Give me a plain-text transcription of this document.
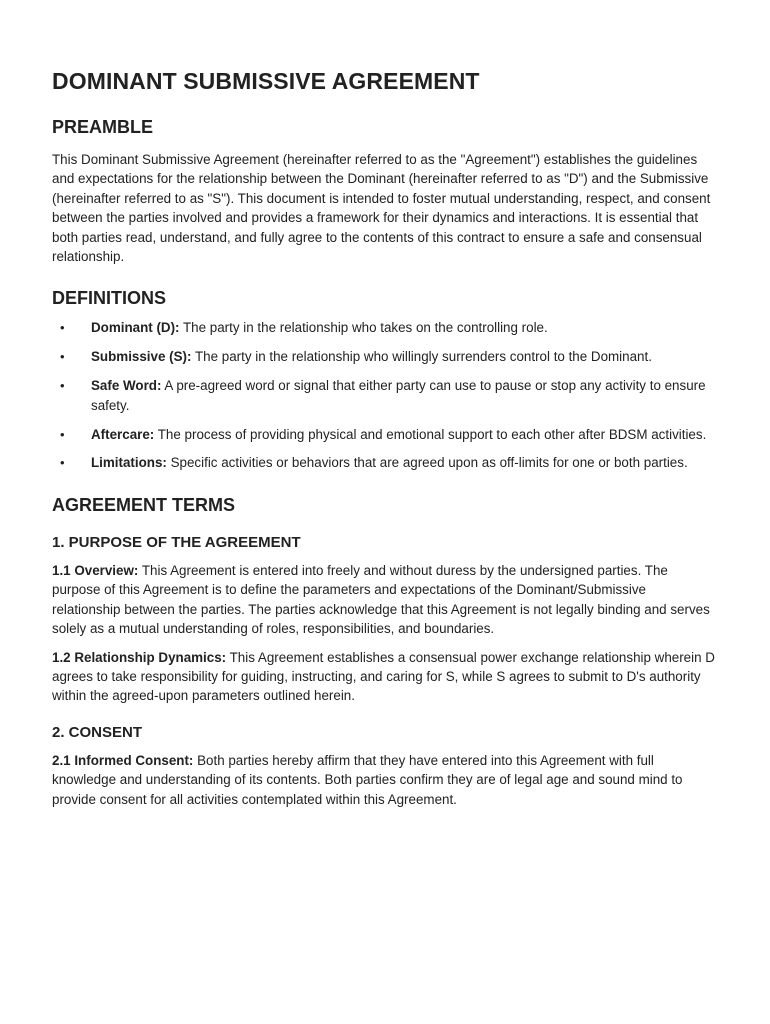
DOMINANT SUBMISSIVE AGREEMENT
PREAMBLE

This Dominant Submissive Agreement (hereinafter referred to as the "Agreement") establishes the guidelines and expectations for the relationship between the Dominant (hereinafter referred to as "D") and the Submissive (hereinafter referred to as "S"). This document is intended to foster mutual understanding, respect, and consent between the parties involved and provides a framework for their dynamics and interactions. It is essential that both parties read, understand, and fully agree to the contents of this contract to ensure a safe and consensual relationship.

DEFINITIONS
• Dominant (D): The party in the relationship who takes on the controlling role.
• Submissive (S): The party in the relationship who willingly surrenders control to the Dominant.
• Safe Word: A pre-agreed word or signal that either party can use to pause or stop any activity to ensure safety.
• Aftercare: The process of providing physical and emotional support to each other after BDSM activities.
• Limitations: Specific activities or behaviors that are agreed upon as off-limits for one or both parties.
AGREEMENT TERMS
1. PURPOSE OF THE AGREEMENT

1.1 Overview: This Agreement is entered into freely and without duress by the undersigned parties. The purpose of this Agreement is to define the parameters and expectations of the Dominant/Submissive relationship between the parties. The parties acknowledge that this Agreement is not legally binding and serves solely as a mutual understanding of roles, responsibilities, and boundaries.

1.2 Relationship Dynamics: This Agreement establishes a consensual power exchange relationship wherein D agrees to take responsibility for guiding, instructing, and caring for S, while S agrees to submit to D's authority within the agreed-upon parameters outlined herein.

2. CONSENT

2.1 Informed Consent: Both parties hereby affirm that they have entered into this Agreement with full knowledge and understanding of its contents. Both parties confirm they are of legal age and sound mind to provide consent for all activities contemplated within this Agreement.
